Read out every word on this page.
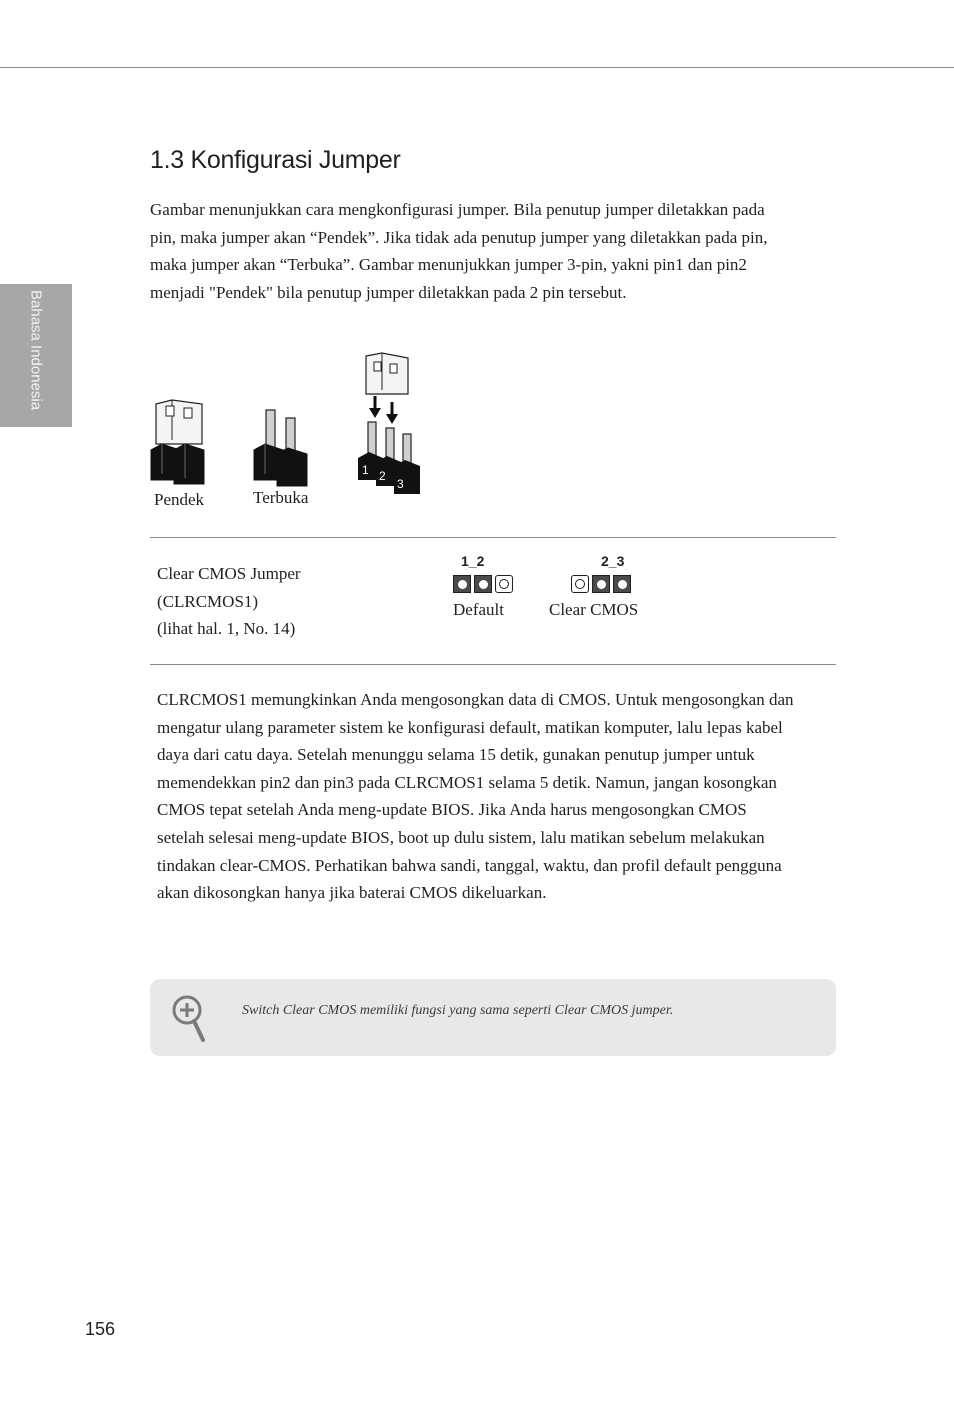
Bahasa Indonesia
1.3 Konfigurasi Jumper

Gambar menunjukkan cara mengkonfigurasi jumper. Bila penutup jumper diletakkan pada pin, maka jumper akan “Pendek”. Jika tidak ada penutup jumper yang diletakkan pada pin, maka jumper akan “Terbuka”. Gambar menunjukkan jumper 3-pin, yakni pin1 dan pin2 menjadi "Pendek" bila penutup jumper diletakkan pada 2 pin tersebut.

1 2
3
Pendek	Terbuka
Clear CMOS Jumper
(CLRCMOS1)
(lihat hal. 1, No. 14)
1_2
Default
2_3
Clear CMOS

CLRCMOS1 memungkinkan Anda mengosongkan data di CMOS. Untuk mengosongkan dan mengatur ulang parameter sistem ke konfigurasi default, matikan komputer, lalu lepas kabel daya dari catu daya. Setelah menunggu selama 15 detik, gunakan penutup jumper untuk memendekkan pin2 dan pin3 pada CLRCMOS1 selama 5 detik. Namun, jangan kosongkan CMOS tepat setelah Anda meng-update BIOS. Jika Anda harus mengosongkan CMOS setelah selesai meng-update BIOS, boot up dulu sistem, lalu matikan sebelum melakukan tindakan clear-CMOS. Perhatikan bahwa sandi, tanggal, waktu, dan profil default pengguna akan dikosongkan hanya jika baterai CMOS dikeluarkan.

Switch Clear CMOS memiliki fungsi yang sama seperti Clear CMOS jumper.
156
